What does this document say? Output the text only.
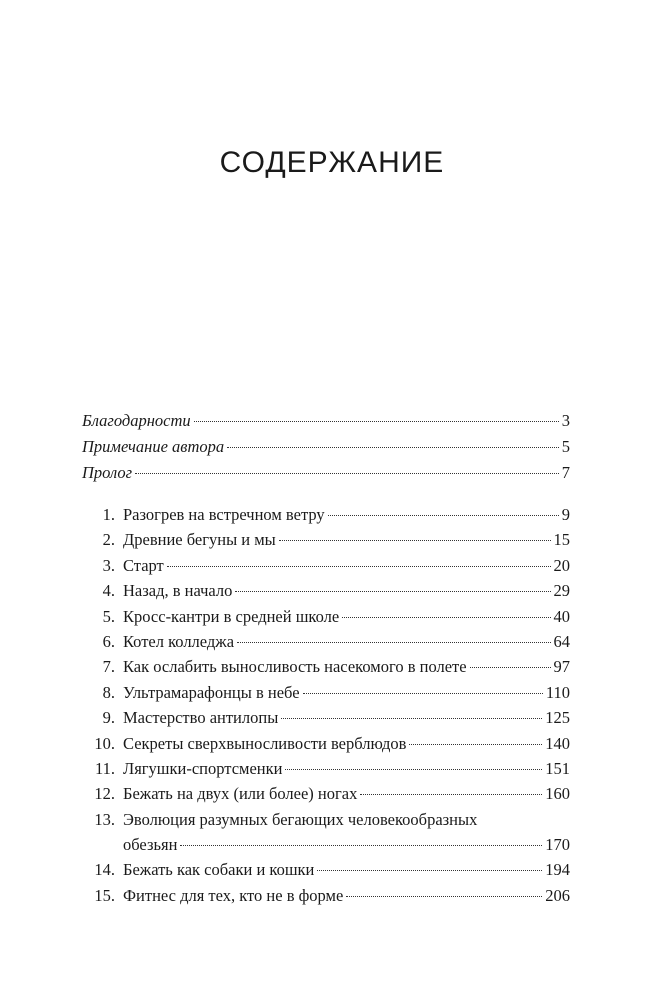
СОДЕРЖАНИЕ
Благодарности	3
Примечание автора	5
Пролог	7
1. Разогрев на встречном ветру	9
2. Древние бегуны и мы	15
3. Старт	20
4. Назад, в начало	29
5. Кросс-кантри в средней школе	40
6. Котел колледжа	64
7. Как ослабить выносливость насекомого в полете	97
8. Ультрамарафонцы в небе	110
9. Мастерство антилопы	125
10. Секреты сверхвыносливости верблюдов	140
11. Лягушки-спортсменки	151
12. Бежать на двух (или более) ногах	160
13. Эволюция разумных бегающих человекообразных
обезьян	170
14. Бежать как собаки и кошки	194
15. Фитнес для тех, кто не в форме	206
